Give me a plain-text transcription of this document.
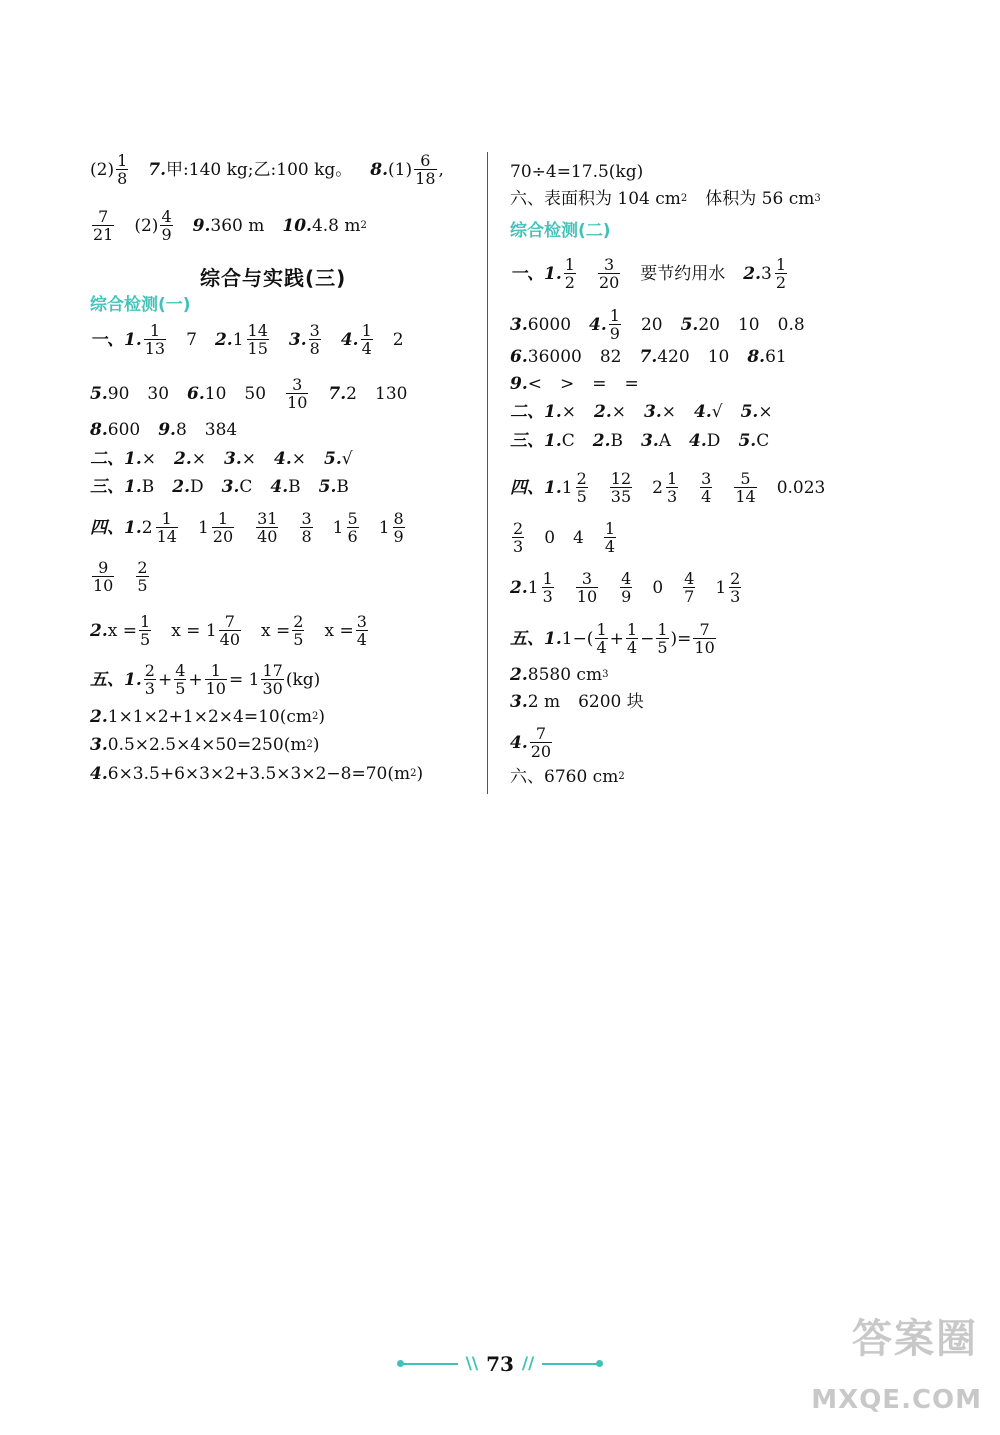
$(2) \frac{1}{8} 7$. 甲:140 kg;乙:100 kg。 8. $(1) \frac{6}{18}$ ,
$\frac{7}{21} (2) \frac{4}{9} 9$. 360 m 10. 4.8 m 2
综合检测(一)
一、1. $\frac{1}{13} 7$ 2. $1 \frac{14}{15} 3$. $\frac{3}{8} 4$. $\frac{1}{4} 2$
5. 90 30 6. 10 $50 \frac{3}{10} 7$. 2 130
8. 600 9. 8 384
二、1. × 2. × 3. × 4. × 5. √
三、1. B 2. D 3. C 4. B 5. B
四、1. $2 \frac{1}{14} 1 \frac{1}{20} \frac{31}{40} \frac{3}{8} 1 \frac{5}{6} 1 \frac{8}{9}$
$\frac{9}{10} \frac{2}{5}$
2. $x = \frac{1}{5}$ $x = 1 \frac{7}{40}$ $x = \frac{2}{5}$ $x = \frac{3}{4}$
五、1. $\frac{2}{3} + \frac{4}{5} + \frac{1}{10} = 1 \frac{17}{30} (kg)$
2. 1×1×2+1×2×4=10(cm 2 )
3. 0.5×2.5×4×50=250(m 2 )
4. 6×3.5+6×3×2+3.5×3×2−8=70(m 2 )
综合与实践(三)
70÷4=17.5(kg)
六、表面积为 104 cm 2 体积为 56 cm 3
综合检测(二)
一、1. $\frac{1}{2} \frac{3}{20}$ 要节约用水 2. $3 \frac{1}{2}$
3. 6000 4. $\frac{1}{9} 20$ 5. 20 10 0.8
6. 36000 82 7. 420 10 8. 61
9. < > = =
二、1. × 2. × 3. × 4. √ 5. ×
三、1. C 2. B 3. A 4. D 5. C
四、1. $1 \frac{2}{5} \frac{12}{35} 2 \frac{1}{3} \frac{3}{4} \frac{5}{14} 0.023$
$\frac{2}{3} 0$ $4 \frac{1}{4}$
2. $1 \frac{1}{3} \frac{3}{10} \frac{4}{9} 0 \frac{4}{7} 1 \frac{2}{3}$
五、1. $1-( \frac{1}{4} + \frac{1}{4} - \frac{1}{5}$ )= $\frac{7}{10}$
2. 8580 cm 3
3. 2 m 6200 块
4. $\frac{7}{20}$
六、6760 cm 2
\\ 73 //
答案圈
MXQE.COM
